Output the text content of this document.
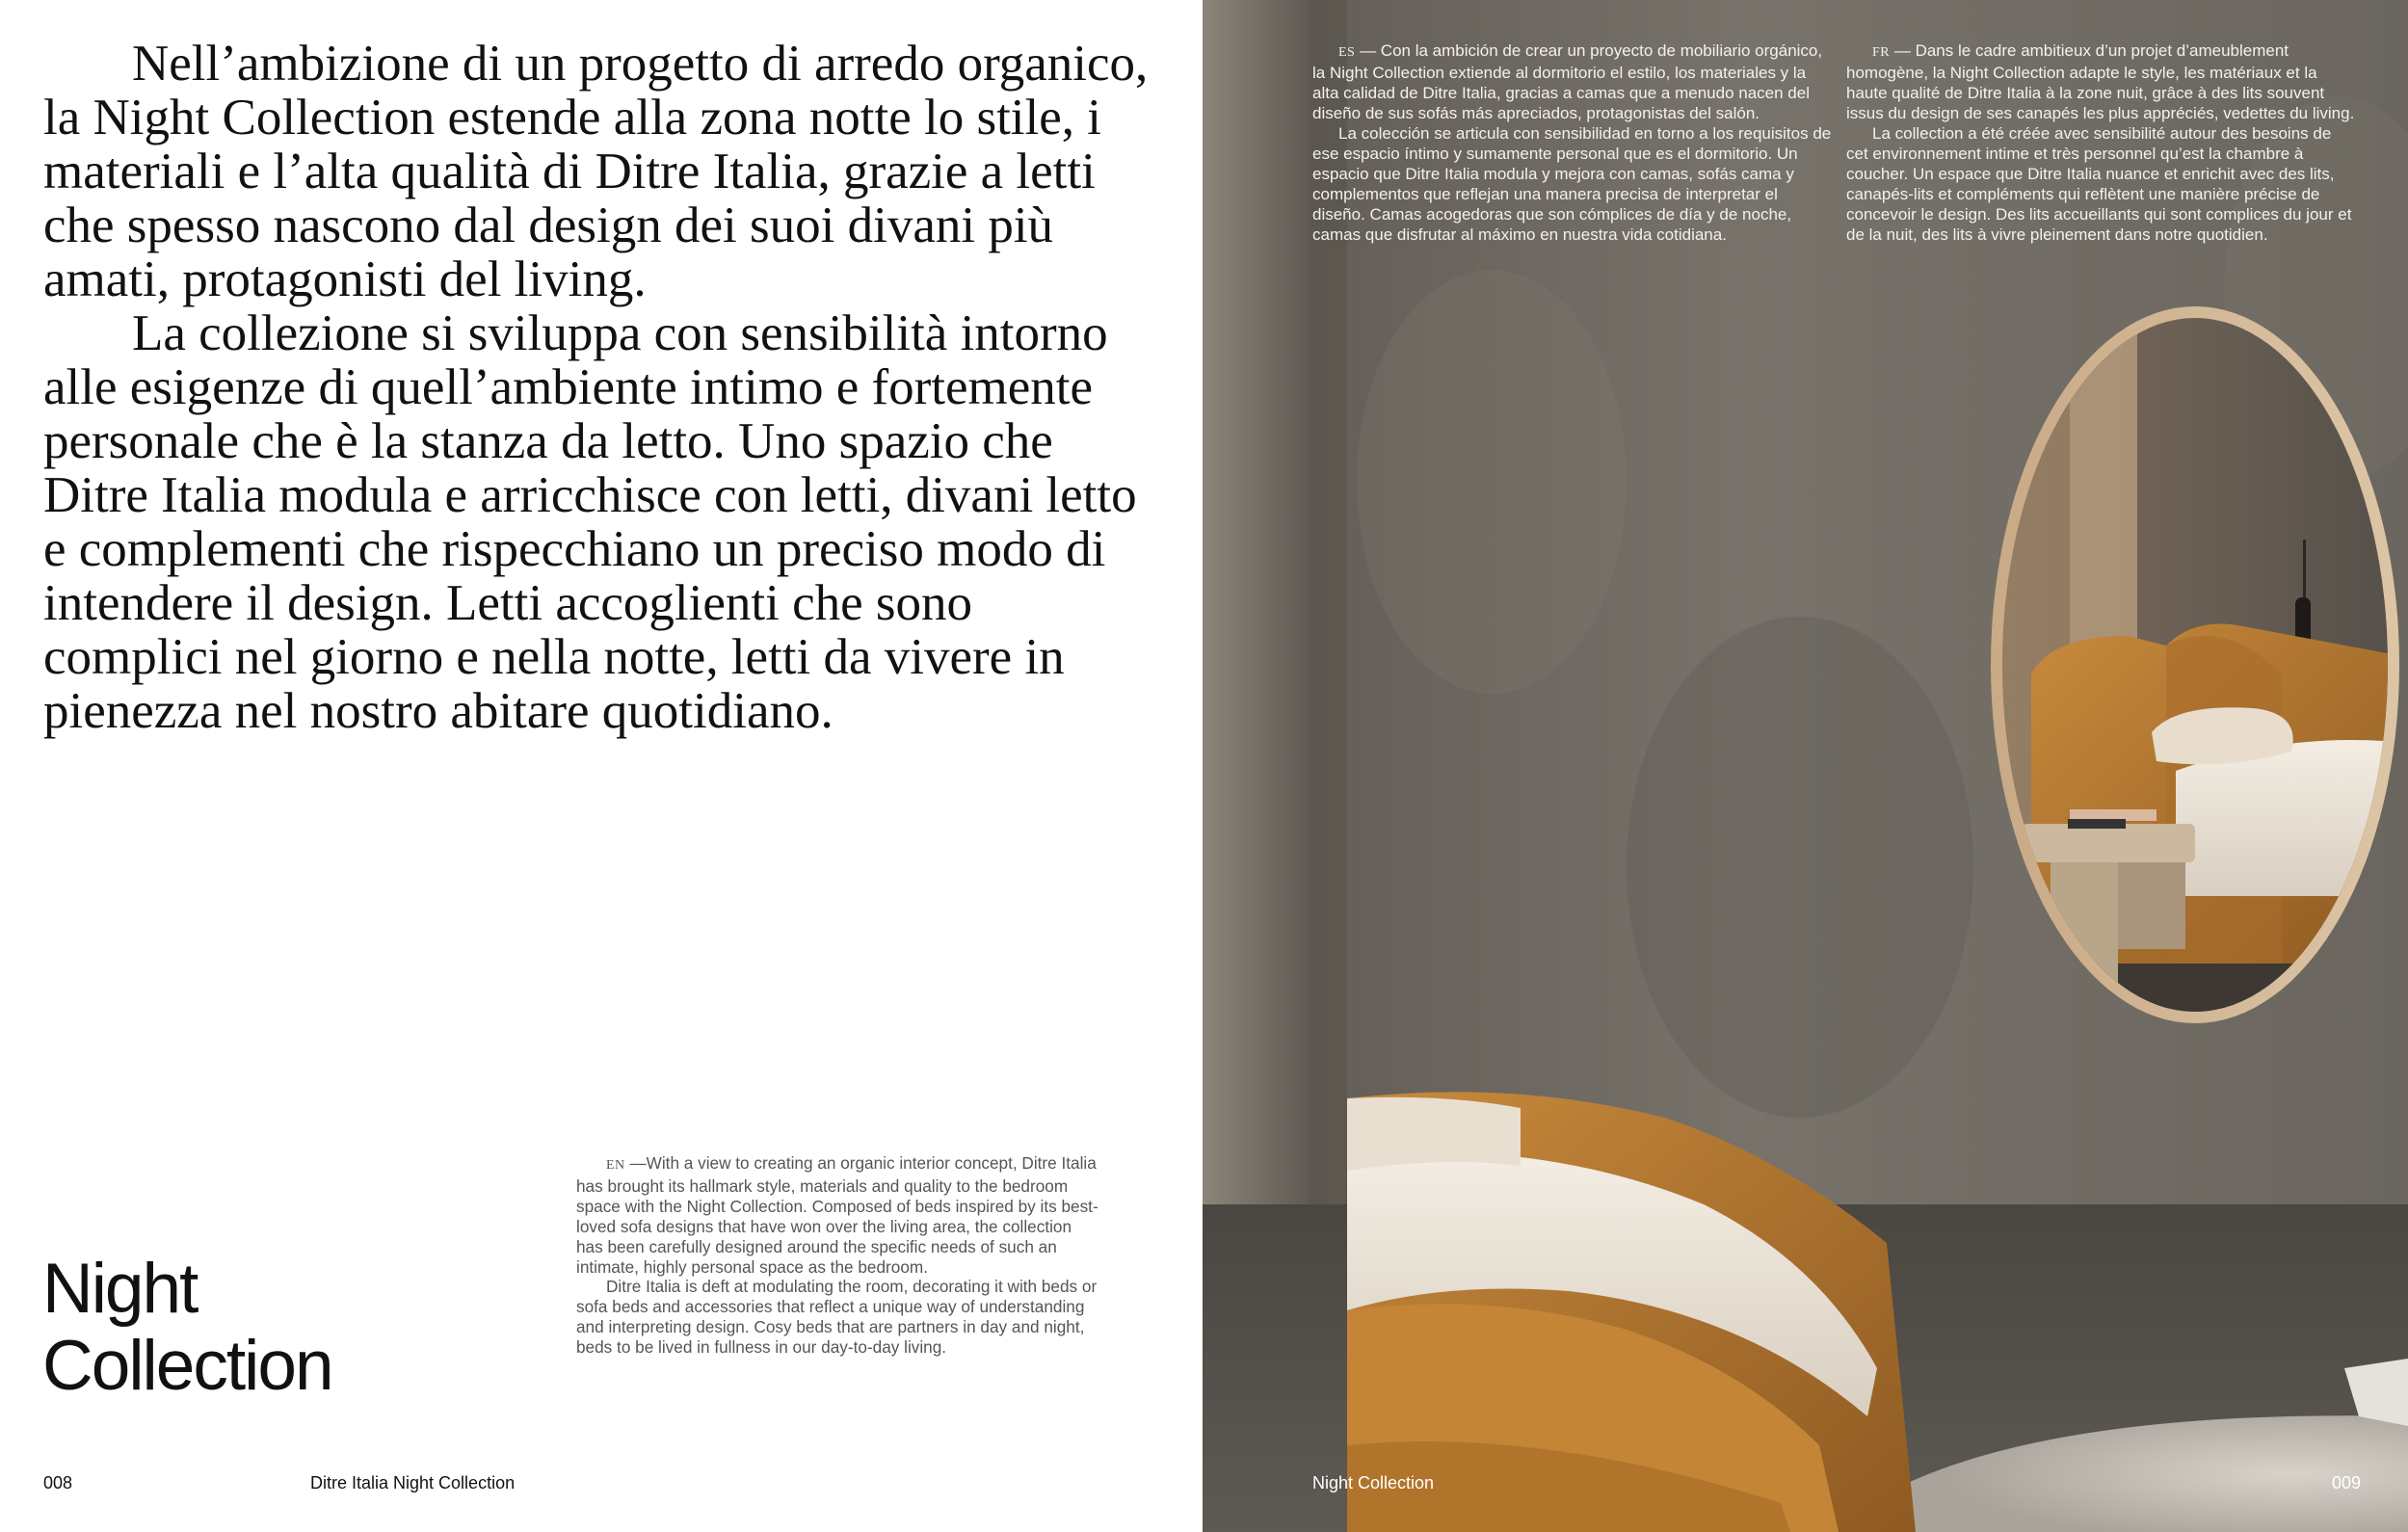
Nell’ambizione di un progetto di arredo organico, la Night Collection estende alla zona notte lo stile, i materiali e l’alta qualità di Ditre Italia, grazie a letti che spesso nascono dal design dei suoi divani più amati, protagonisti del living.

La collezione si sviluppa con sensibilità intorno alle esigenze di quell’ambiente intimo e fortemente personale che è la stanza da letto. Uno spazio che Ditre Italia modula e arricchisce con letti, divani letto e complementi che rispecchiano un preciso modo di intendere il design. Letti accoglienti che sono complici nel giorno e nella notte, letti da vivere in pienezza nel nostro abitare quotidiano.

Night
Collection

EN —With a view to creating an organic interior concept, Ditre Italia has brought its hallmark style, materials and quality to the bedroom space with the Night Collection. Composed of beds inspired by its best-loved sofa designs that have won over the living area, the collection has been carefully designed around the specific needs of such an intimate, highly personal space as the bedroom.

Ditre Italia is deft at modulating the room, decorating it with beds or sofa beds and accessories that reflect a unique way of understanding and interpreting design. Cosy beds that are partners in day and night, beds to be lived in fullness in our day-to-day living.

008	Ditre Italia Night Collection

ES — Con la ambición de crear un proyecto de mobiliario orgánico, la Night Collection extiende al dormitorio el estilo, los materiales y la alta calidad de Ditre Italia, gracias a camas que a menudo nacen del diseño de sus sofás más apreciados, protagonistas del salón.

La colección se articula con sensibilidad en torno a los requisitos de ese espacio íntimo y sumamente personal que es el dormitorio. Un espacio que Ditre Italia modula y mejora con camas, sofás cama y complementos que reflejan una manera precisa de interpretar el diseño. Camas acogedoras que son cómplices de día y de noche, camas que disfrutar al máximo en nuestra vida cotidiana.

FR — Dans le cadre ambitieux d’un projet d’ameublement homogène, la Night Collection adapte le style, les matériaux et la haute qualité de Ditre Italia à la zone nuit, grâce à des lits souvent issus du design de ses canapés les plus appréciés, vedettes du living.

La collection a été créée avec sensibilité autour des besoins de cet environnement intime et très personnel qu’est la chambre à coucher. Un espace que Ditre Italia nuance et enrichit avec des lits, canapés-lits et compléments qui reflètent une manière précise de concevoir le design. Des lits accueillants qui sont complices du jour et de la nuit, des lits à vivre pleinement dans notre quotidien.

Night Collection	009
